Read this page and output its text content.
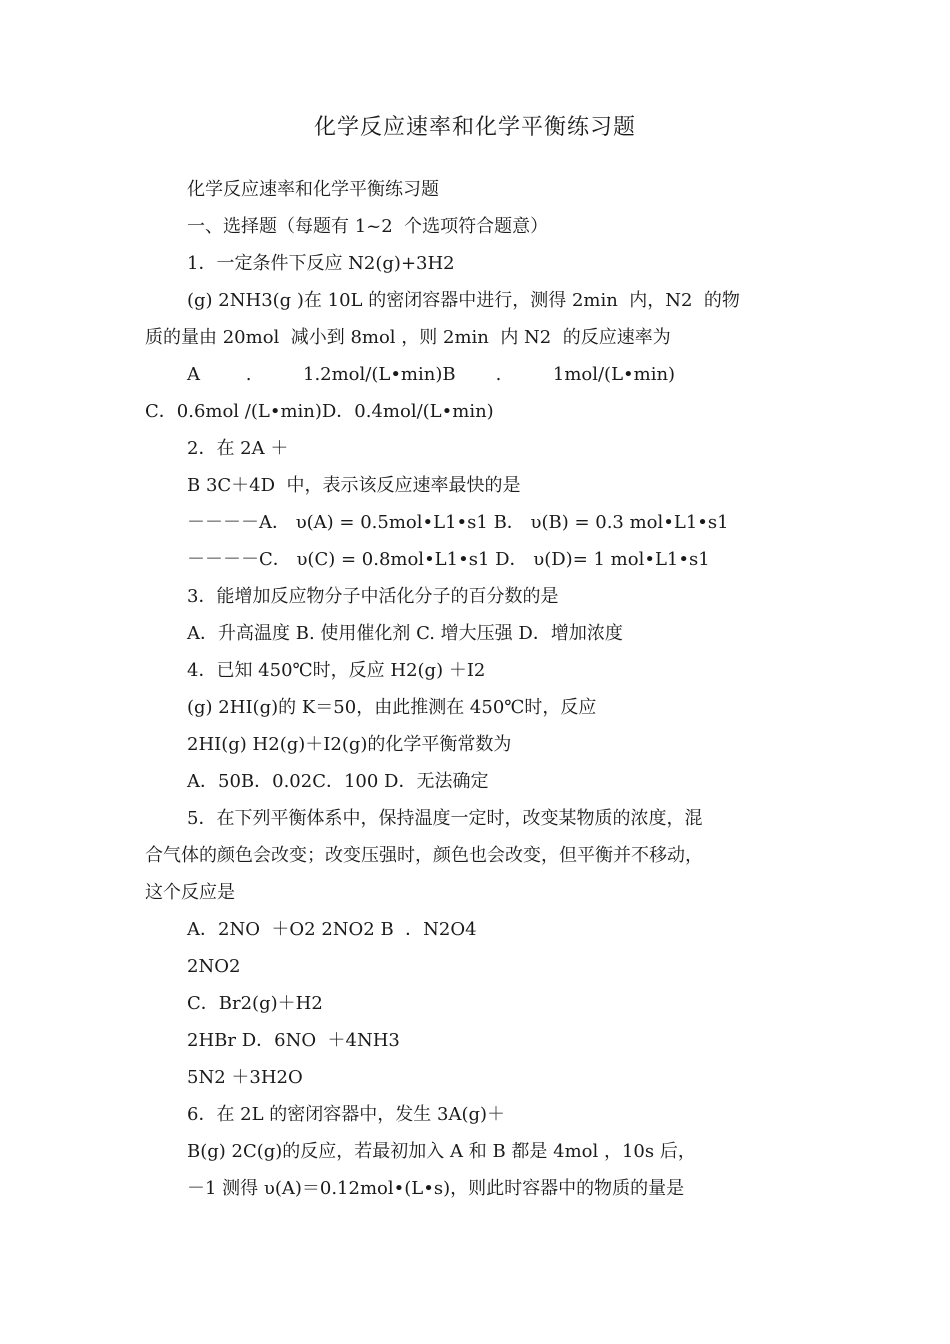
化学反应速率和化学平衡练习题
化学反应速率和化学平衡练习题
一、选择题（每题有 1~2  个选项符合题意）
1．一定条件下反应 N2(g)+3H2
(g) 2NH3(g )在 10L 的密闭容器中进行，测得 2min  内，N2  的物
质的量由 20mol  减小到 8mol ，则 2min  内 N2  的反应速率为
A        .         1.2mol/(L•min)B       .         1mol/(L•min)
C．0.6mol /(L•min)D．0.4mol/(L•min)
2．在 2A ＋
B 3C＋4D  中，表示该反应速率最快的是
－－－－A． υ(A) = 0.5mol•L1•s1 B． υ(B) = 0.3 mol•L1•s1
－－－－C． υ(C) = 0.8mol•L1•s1 D． υ(D)= 1 mol•L1•s1
3．能增加反应物分子中活化分子的百分数的是
A．升高温度 B. 使用催化剂 C. 增大压强 D．增加浓度
4．已知 450℃时，反应 H2(g) ＋I2
(g) 2HI(g)的 K＝50，由此推测在 450℃时，反应
2HI(g) H2(g)＋I2(g)的化学平衡常数为
A．50B．0.02C．100 D．无法确定
5．在下列平衡体系中，保持温度一定时，改变某物质的浓度，混
合气体的颜色会改变；改变压强时，颜色也会改变，但平衡并不移动，
这个反应是
A．2NO  ＋O2 2NO2 B  ．N2O4
2NO2
C．Br2(g)＋H2
2HBr D．6NO  ＋4NH3
5N2 ＋3H2O
6．在 2L 的密闭容器中，发生 3A(g)＋
B(g) 2C(g)的反应，若最初加入 A 和 B 都是 4mol ，10s 后，
－1 测得 υ(A)＝0.12mol•(L•s)，则此时容器中的物质的量是
